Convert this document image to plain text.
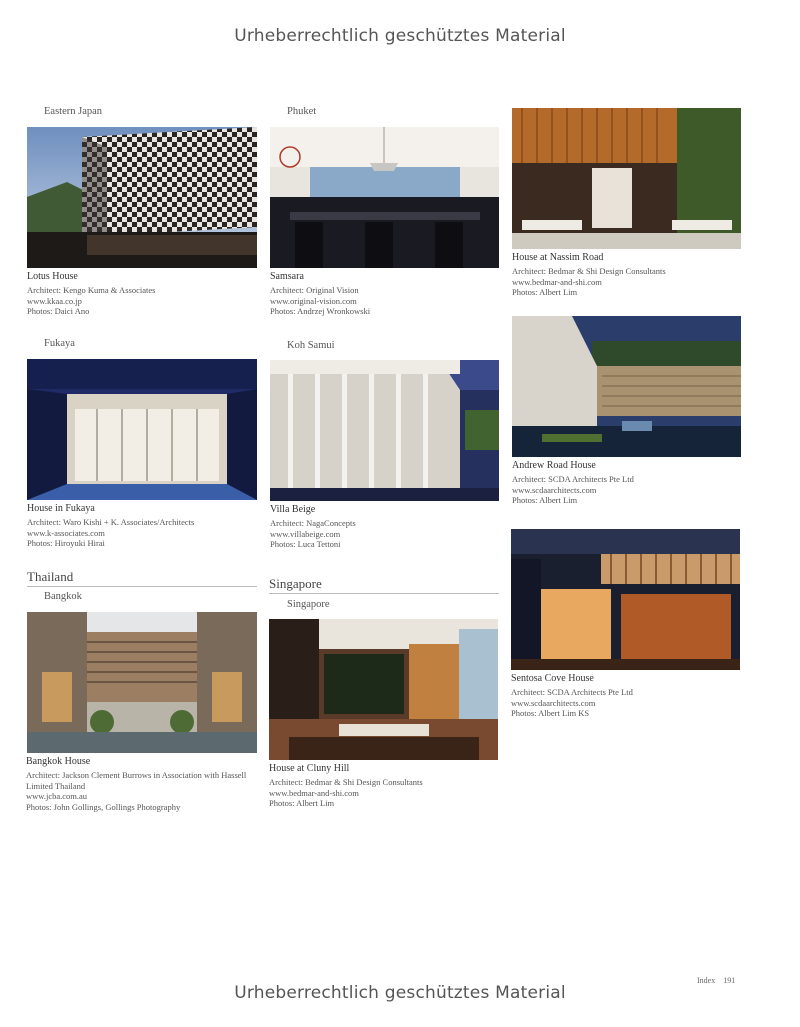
Urheberrechtlich geschütztes Material
Eastern Japan
Lotus House
Architect: Kengo Kuma & Associates
www.kkaa.co.jp
Photos: Daici Ano
Fukaya
House in Fukaya
Architect: Waro Kishi + K. Associates/Architects
www.k-associates.com
Photos: Hiroyuki Hirai
Thailand
Bangkok
Bangkok House
Architect: Jackson Clement Burrows in Association with Hassell Limited Thailand
www.jcba.com.au
Photos: John Gollings, Gollings Photography
Phuket
Samsara
Architect: Original Vision
www.original-vision.com
Photos: Andrzej Wronkowski
Koh Samui
Villa Beige
Architect: NagaConcepts
www.villabeige.com
Photos: Luca Tettoni
Singapore
Singapore
House at Cluny Hill
Architect: Bedmar & Shi Design Consultants
www.bedmar-and-shi.com
Photos: Albert Lim
House at Nassim Road
Architect: Bedmar & Shi Design Consultants
www.bedmar-and-shi.com
Photos: Albert Lim
Andrew Road House
Architect: SCDA Architects Pte Ltd
www.scdaarchitects.com
Photos: Albert Lim
Sentosa Cove House
Architect: SCDA Architects Pte Ltd
www.scdaarchitects.com
Photos: Albert Lim KS
Index 191
Urheberrechtlich geschütztes Material
